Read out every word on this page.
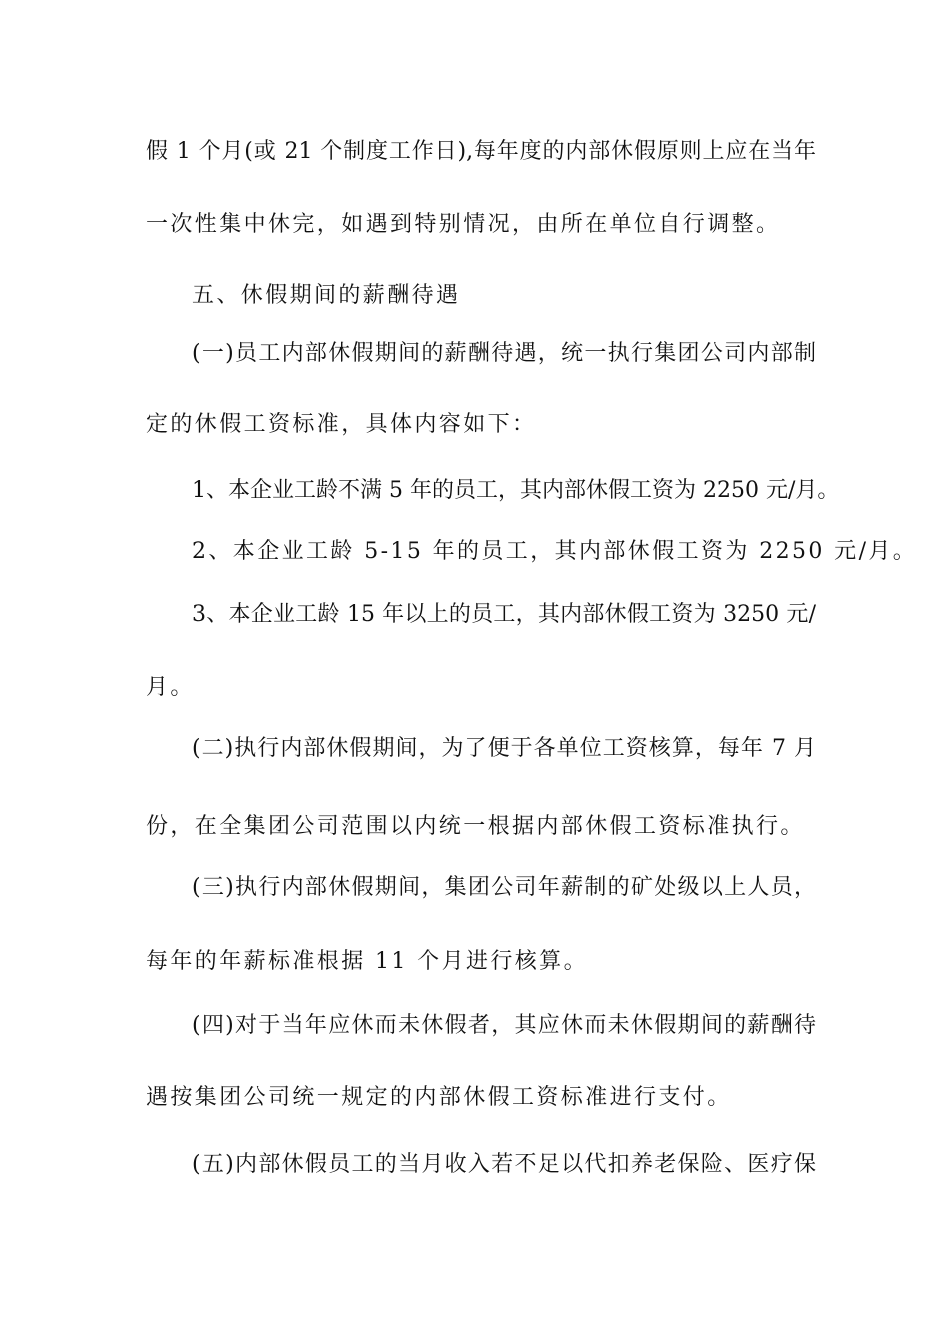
假 1 个月(或 21 个制度工作日),每年度的内部休假原则上应在当年

一次性集中休完，如遇到特别情况，由所在单位自行调整。

五、休假期间的薪酬待遇

(一)员工内部休假期间的薪酬待遇，统一执行集团公司内部制

定的休假工资标准，具体内容如下：

1、本企业工龄不满 5 年的员工，其内部休假工资为 2250 元/月。

2、本企业工龄 5-15 年的员工，其内部休假工资为 2250 元/月。

3、本企业工龄 15 年以上的员工，其内部休假工资为 3250 元/

月。

(二)执行内部休假期间，为了便于各单位工资核算，每年 7 月

份，在全集团公司范围以内统一根据内部休假工资标准执行。

(三)执行内部休假期间，集团公司年薪制的矿处级以上人员，

每年的年薪标准根据 11 个月进行核算。

(四)对于当年应休而未休假者，其应休而未休假期间的薪酬待

遇按集团公司统一规定的内部休假工资标准进行支付。

(五)内部休假员工的当月收入若不足以代扣养老保险、医疗保
